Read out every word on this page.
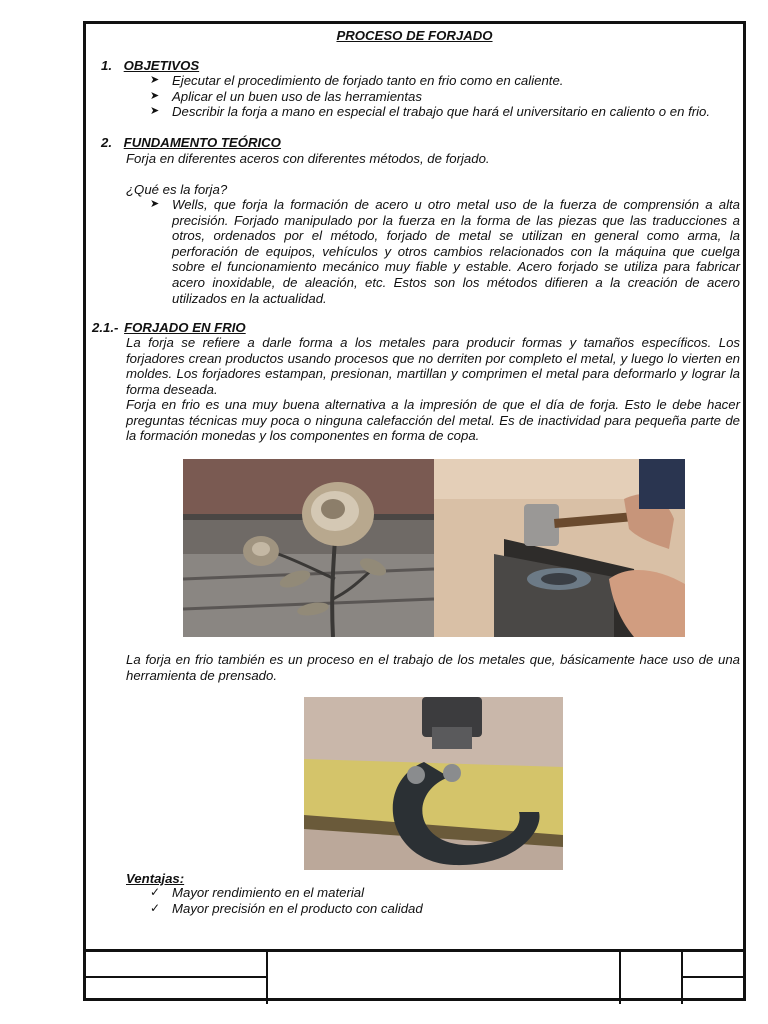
PROCESO DE FORJADO
1. OBJETIVOS
➤ Ejecutar el procedimiento de forjado tanto en frio como en caliente.
➤ Aplicar el un buen uso de las herramientas
➤ Describir la forja a mano en especial el trabajo que hará el universitario en caliento o en frio.
2. FUNDAMENTO TEÓRICO
Forja en diferentes aceros con diferentes métodos, de forjado.
¿Qué es la forja?
➤ Wells, que forja la formación de acero u otro metal uso de la fuerza de comprensión a alta precisión. Forjado manipulado por la fuerza en la forma de las piezas que las traducciones a otros, ordenados por el método, forjado de metal se utilizan en general como arma, la perforación de equipos, vehículos y otros cambios relacionados con la máquina que cuelga sobre el funcionamiento mecánico muy fiable y estable. Acero forjado se utiliza para fabricar acero inoxidable, de aleación, etc. Estos son los métodos difieren a la creación de acero utilizados en la actualidad.
2.1.- FORJADO EN FRIO
La forja se refiere a darle forma a los metales para producir formas y tamaños específicos. Los forjadores crean productos usando procesos que no derriten por completo el metal, y luego lo vierten en moldes. Los forjadores estampan, presionan, martillan y comprimen el metal para deformarlo y lograr la forma deseada.
Forja en frio es una muy buena alternativa a la impresión de que el día de forja. Esto le debe hacer preguntas técnicas muy poca o ninguna calefacción del metal. Es de inactividad para pequeña parte de la formación monedas y los componentes en forma de copa.
La forja en frio también es un proceso en el trabajo de los metales que, básicamente hace uso de una herramienta de prensado.
Ventajas:
✓ Mayor rendimiento en el material
✓ Mayor precisión en el producto con calidad
